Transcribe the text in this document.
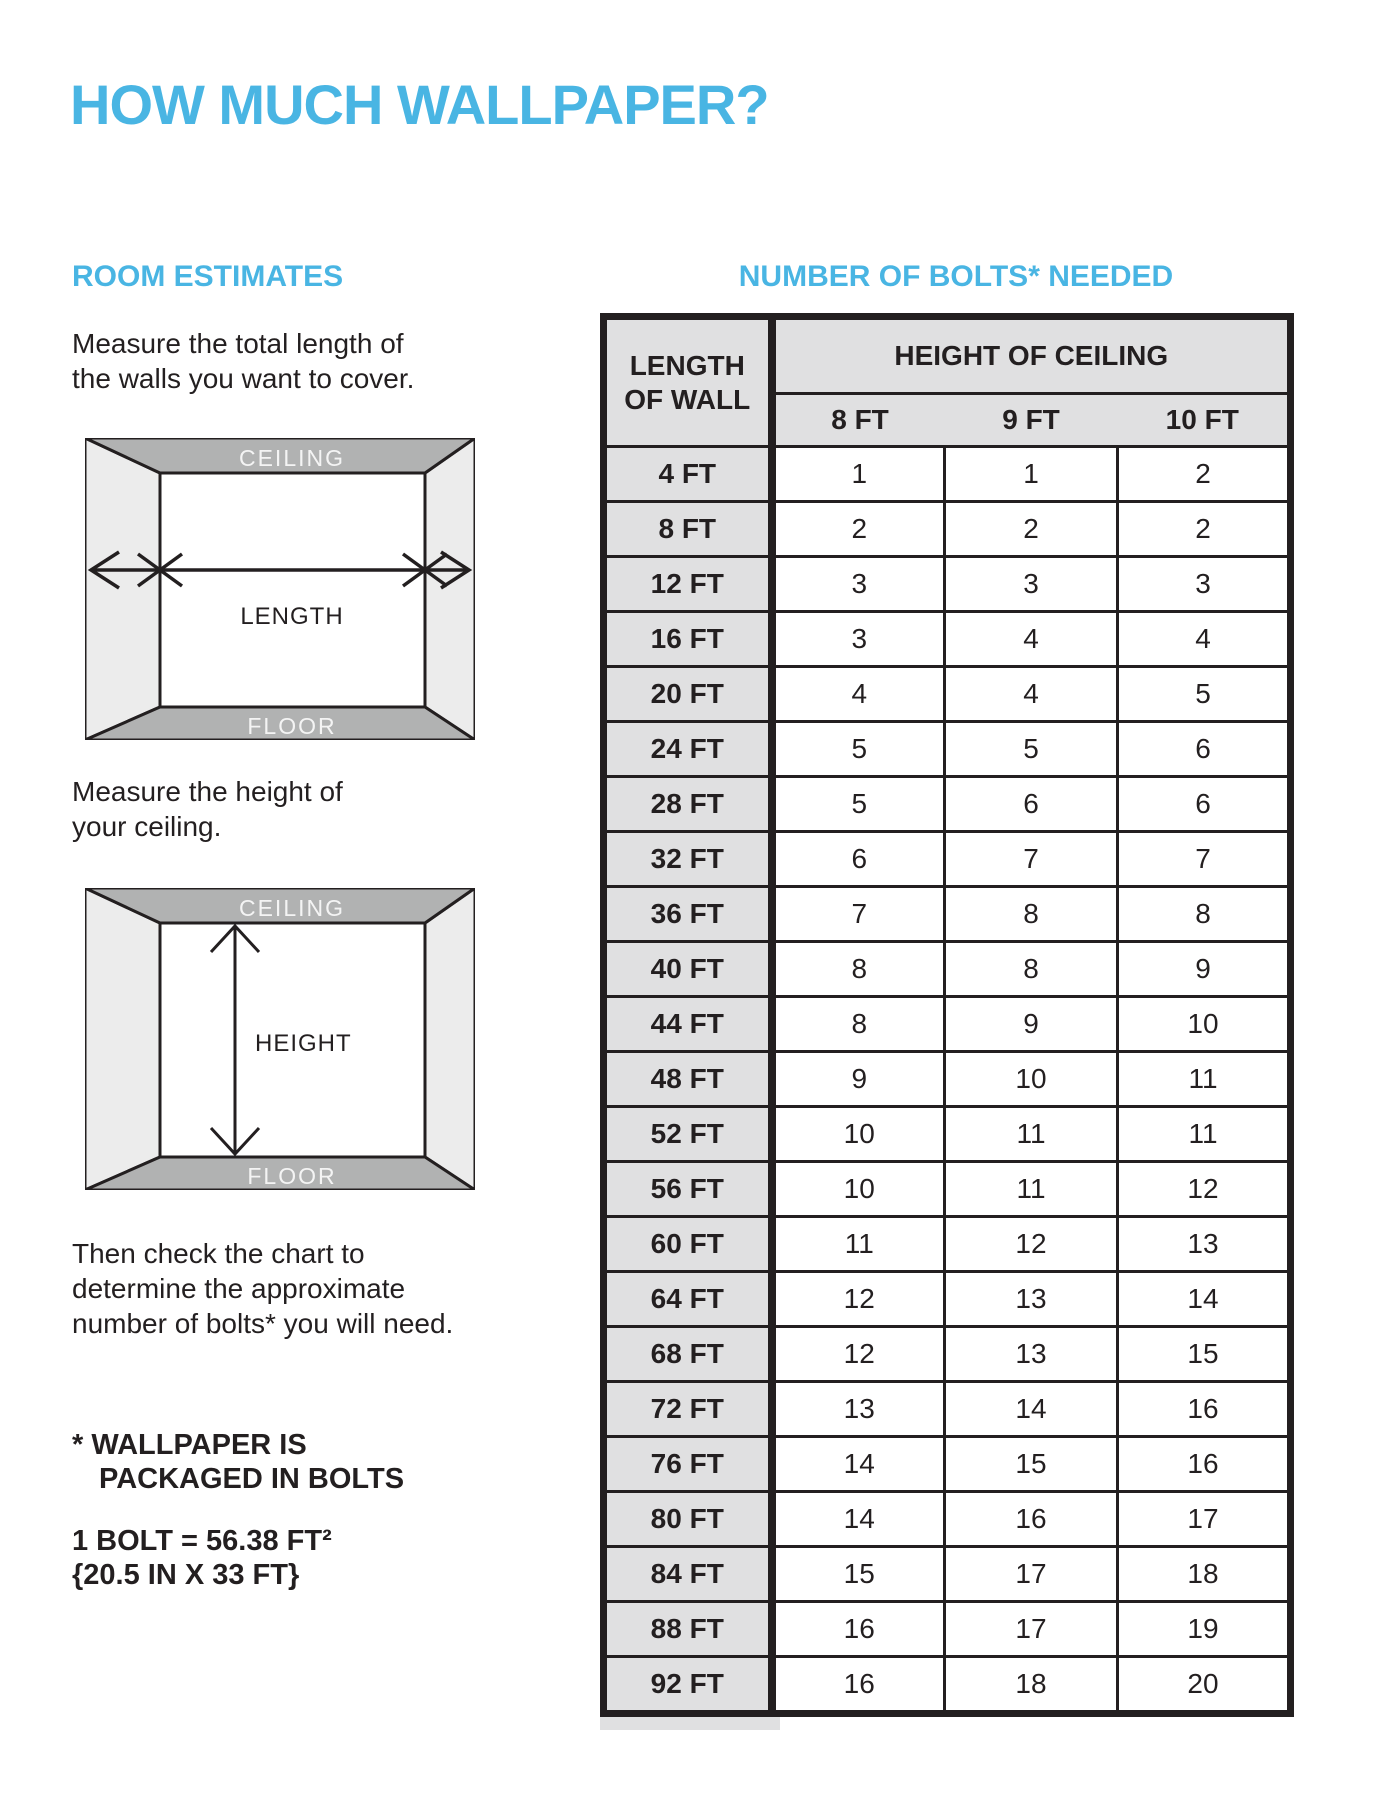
HOW MUCH WALLPAPER?
ROOM ESTIMATES	NUMBER OF BOLTS* NEEDED

Measure the total length of
the walls you want to cover.

CEILING
FLOOR
LENGTH

Measure the height of
your ceiling.

CEILING
FLOOR
HEIGHT

Then check the chart to
determine the approximate
number of bolts* you will need.

* WALLPAPER IS
PACKAGED IN BOLTS

1 BOLT = 56.38 FT²
{20.5 IN X 33 FT}

LENGTH
OF WALL	HEIGHT OF CEILING		
	8 FT	9 FT	10 FT
4 FT	1	1	2
8 FT	2	2	2
12 FT	3	3	3
16 FT	3	4	4
20 FT	4	4	5
24 FT	5	5	6
28 FT	5	6	6
32 FT	6	7	7
36 FT	7	8	8
40 FT	8	8	9
44 FT	8	9	10
48 FT	9	10	11
52 FT	10	11	11
56 FT	10	11	12
60 FT	11	12	13
64 FT	12	13	14
68 FT	12	13	15
72 FT	13	14	16
76 FT	14	15	16
80 FT	14	16	17
84 FT	15	17	18
88 FT	16	17	19
92 FT	16	18	20
